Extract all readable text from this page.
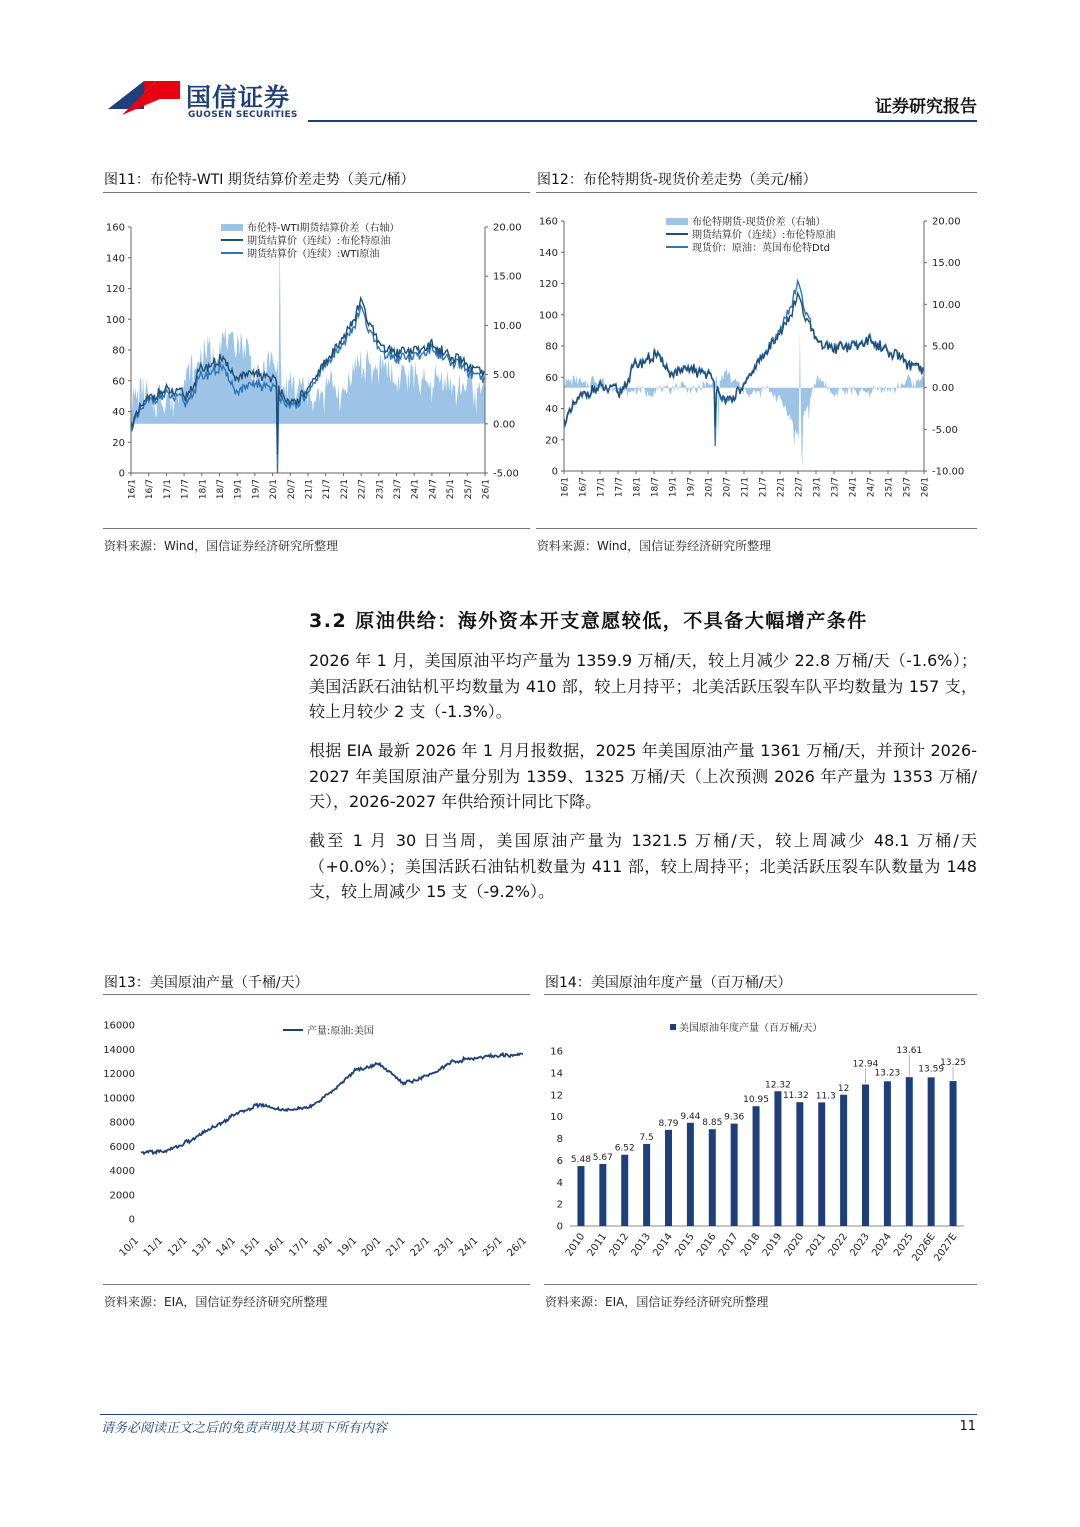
国信证券
GUOSEN SECURITIES	证券研究报告
图11：布伦特-WTI 期货结算价差走势（美元/桶）
160
140
120
100
80
60
40
20
0
20.00
15.00
10.00
5.00
0.00
-5.00
16/1 16/7 17/1 17/7 18/1 18/7 19/1 19/7 20/1 20/7 21/1 21/7 22/1 22/7 23/1 23/7 24/1 24/7 25/1 25/7 26/1
布伦特-WTI期货结算价差（右轴）
期货结算价（连续）:布伦特原油
期货结算价（连续）:WTI原油
资料来源：Wind，国信证券经济研究所整理
图12：布伦特期货-现货价差走势（美元/桶）
160
140
120
100
80
60
40
20
0
20.00
15.00
10.00
5.00
0.00
-5.00
-10.00
16/1 16/7 17/1 17/7 18/1 18/7 19/1 19/7 20/1 20/7 21/1 21/7 22/1 22/7 23/1 23/7 24/1 24/7 25/1 25/7 26/1
布伦特期货-现货价差（右轴）
期货结算价（连续）:布伦特原油
现货价：原油：英国布伦特Dtd
资料来源：Wind，国信证券经济研究所整理
3.2 原油供给：海外资本开支意愿较低，不具备大幅增产条件
2026 年 1 月，美国原油平均产量为 1359.9 万桶/天，较上月减少 22.8 万桶/天（-1.6%）；美国活跃石油钻机平均数量为 410 部，较上月持平；北美活跃压裂车队平均数量为 157 支，较上月较少 2 支（-1.3%）。
根据 EIA 最新 2026 年 1 月月报数据，2025 年美国原油产量 1361 万桶/天，并预计 2026-2027 年美国原油产量分别为 1359、1325 万桶/天（上次预测 2026 年产量为 1353 万桶/天），2026-2027 年供给预计同比下降。
截至 1 月 30 日当周，美国原油产量为 1321.5 万桶/天，较上周减少 48.1 万桶/天（+0.0%）；美国活跃石油钻机数量为 411 部，较上周持平；北美活跃压裂车队数量为 148 支，较上周减少 15 支（-9.2%）。
图13：美国原油产量（千桶/天）
16000
14000
12000
10000
8000
6000
4000
2000
0
10/1 11/1 12/1 13/1 14/1 15/1 16/1 17/1 18/1 19/1 20/1 21/1 22/1 23/1 24/1 25/1 26/1
产量:原油:美国
资料来源：EIA，国信证券经济研究所整理
图14：美国原油年度产量（百万桶/天）
16
14
12
10
8
6
4
2
0
5.48
2010
5.67
2011
6.52
2012
7.5
2013
8.79
2014
9.44
2015
8.85
2016
9.36
2017
10.95
2018
12.32
2019
11.32
2020
11.3
2021
12
2022
12.94
2023
13.23
2024
13.61
2025
13.59
2026E
13.25
2027E
美国原油年度产量（百万桶/天）
资料来源：EIA，国信证券经济研究所整理
请务必阅读正文之后的免责声明及其项下所有内容	11
